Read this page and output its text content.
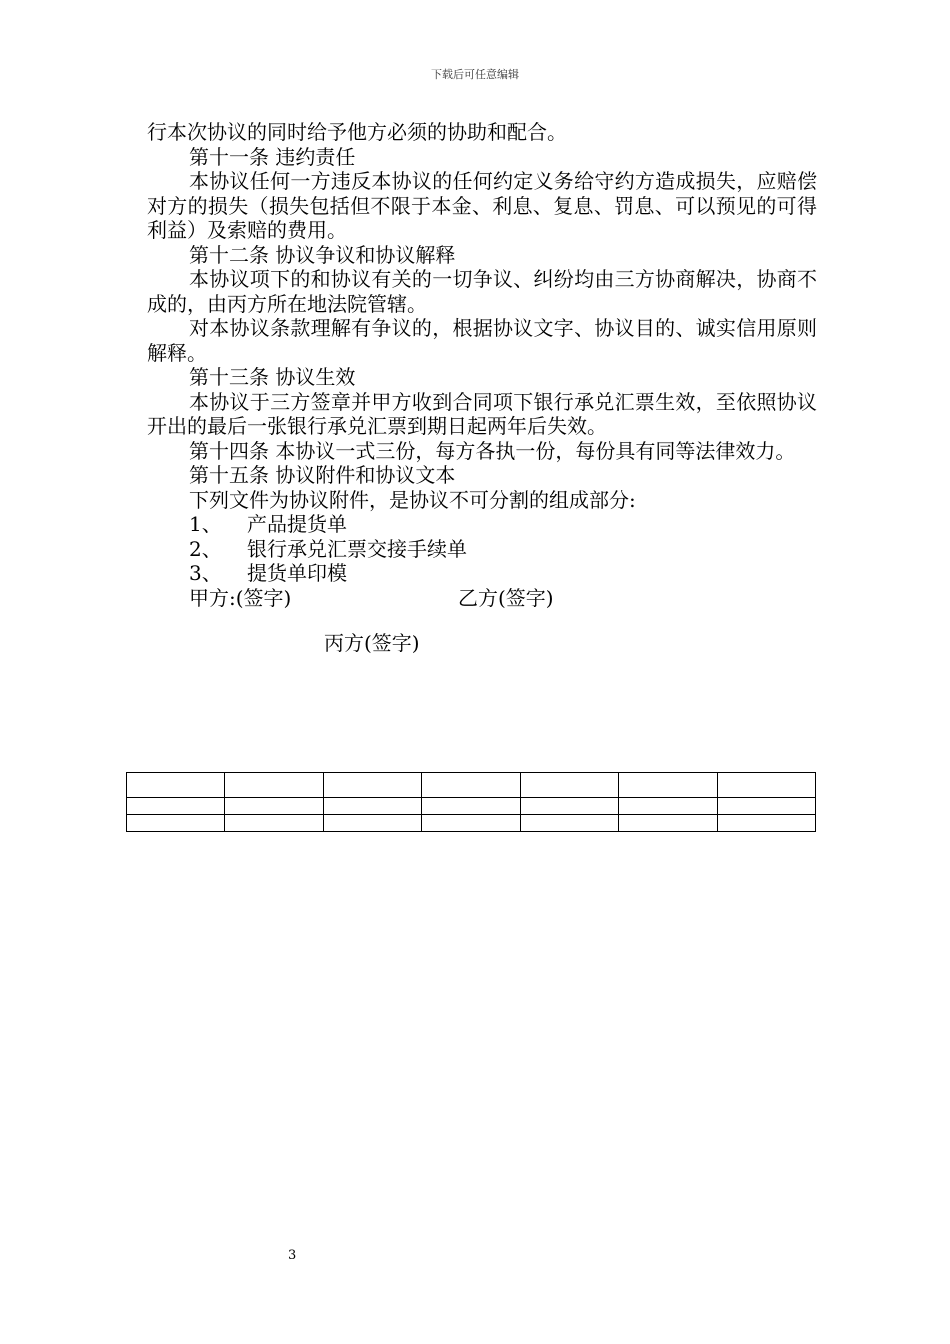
下载后可任意编辑

行本次协议的同时给予他方必须的协助和配合。

第十一条 违约责任

本协议任何一方违反本协议的任何约定义务给守约方造成损失，应赔偿对方的损失（损失包括但不限于本金、利息、复息、罚息、可以预见的可得利益）及索赔的费用。

第十二条 协议争议和协议解释

本协议项下的和协议有关的一切争议、纠纷均由三方协商解决，协商不成的，由丙方所在地法院管辖。

对本协议条款理解有争议的，根据协议文字、协议目的、诚实信用原则解释。

第十三条 协议生效

本协议于三方签章并甲方收到合同项下银行承兑汇票生效，至依照协议开出的最后一张银行承兑汇票到期日起两年后失效。

第十四条 本协议一式三份，每方各执一份，每份具有同等法律效力。

第十五条 协议附件和协议文本

下列文件为协议附件，是协议不可分割的组成部分:

1、 产品提货单

2、 银行承兑汇票交接手续单

3、 提货单印模

甲方:(签字)	乙方(签字)
丙方(签字)

3
